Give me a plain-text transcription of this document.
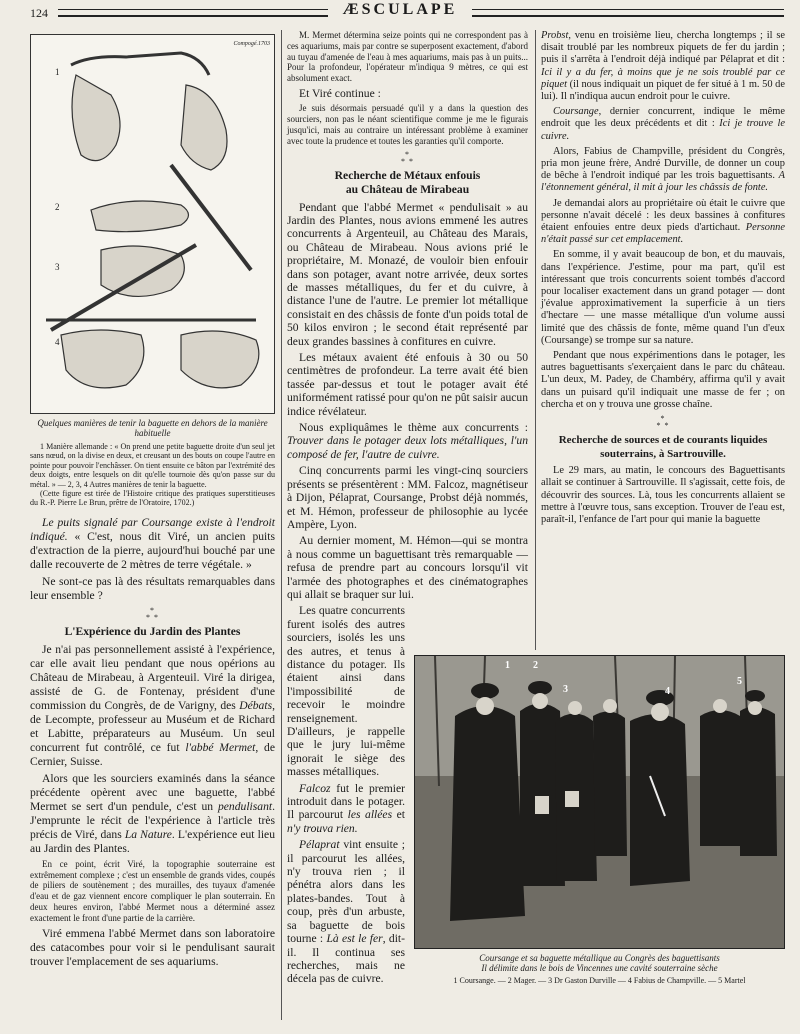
124	ÆSCULAPE
1
2
3
4
Compogé.1703
Quelques manières de tenir la baguette en dehors de la manière habituelle

1 Manière allemande : « On prend une petite baguette droite d'un seul jet sans nœud, on la divise en deux, et creusant un des bouts on coupe l'autre en pointe pour pouvoir l'enchâsser. On tient ensuite ce bâton par l'extrémité des deux doigts, entre lesquels on dit qu'elle tournoie dès qu'on passe sur du métal. » — 2, 3, 4 Autres manières de tenir la baguette.

(Cette figure est tirée de l'Histoire critique des pratiques superstitieuses du R.-P. Pierre Le Brun, prêtre de l'Oratoire, 1702.)

Le puits signalé par Coursange existe à l'endroit indiqué. « C'est, nous dit Viré, un ancien puits d'extraction de la pierre, aujourd'hui bouché par une dalle recouverte de 2 mètres de terre végétale. »

Ne sont-ce pas là des résultats remarquables dans leur ensemble ?

*
* *
L'Expérience du Jardin des Plantes

Je n'ai pas personnellement assisté à l'expérience, car elle avait lieu pendant que nous opérions au Château de Mirabeau, à Argenteuil. Viré la dirigea, assisté de G. de Fontenay, président d'une commission du Congrès, de de Varigny, des Débats, de Lecompte, professeur au Muséum et de Richard et Labitte, préparateurs au Muséum. Un seul concurrent fut contrôlé, ce fut l'abbé Mermet, de Cernier, Suisse.

Alors que les sourciers examinés dans la séance précédente opèrent avec une baguette, l'abbé Mermet se sert d'un pendule, c'est un pendulisant. J'emprunte le récit de l'expérience à l'article très précis de Viré, dans La Nature. L'expérience eut lieu au Jardin des Plantes.

En ce point, écrit Viré, la topographie souterraine est extrêmement complexe ; c'est un ensemble de grands vides, coupés de piliers de soutènement ; des murailles, des tuyaux d'amenée d'eau et de gaz viennent encore compliquer le plan souterrain. En deux heures environ, l'abbé Mermet nous a déterminé assez exactement le front d'une partie de la carrière.

Viré emmena l'abbé Mermet dans son laboratoire des catacombes pour voir si le pendulisant saurait trouver l'emplacement de ses aquariums.

M. Mermet détermina seize points qui ne correspondent pas à ces aquariums, mais par contre se superposent exactement, d'abord au tuyau d'amenée de l'eau à mes aquariums, mais pas à un puits... Pour la profondeur, l'opérateur m'indiqua 9 mètres, ce qui est absolument exact.

Et Viré continue :

Je suis désormais persuadé qu'il y a dans la question des sourciers, non pas le néant scientifique comme je me le figurais jusqu'ici, mais au contraire un intéressant problème à examiner avec toute la prudence et toutes les garanties qu'il comporte.

*
* *
Recherche de Métaux enfouis
au Château de Mirabeau

Pendant que l'abbé Mermet « pendulisait » au Jardin des Plantes, nous avions emmené les autres concurrents à Argenteuil, au Château des Marais, ou Château de Mirabeau. Nous avions prié le propriétaire, M. Monazé, de vouloir bien enfouir dans son potager, avant notre arrivée, deux sortes de masses métalliques, du fer et du cuivre, à distance l'une de l'autre. Le premier lot métallique consistait en des châssis de fonte d'un poids total de 50 kilos environ ; le second était représenté par deux grandes bassines à confitures en cuivre.

Les métaux avaient été enfouis à 30 ou 50 centimètres de profondeur. La terre avait été bien tassée par-dessus et tout le potager avait été uniformément ratissé pour qu'on ne pût saisir aucun indice révélateur.

Nous expliquâmes le thème aux concurrents : Trouver dans le potager deux lots métalliques, l'un composé de fer, l'autre de cuivre.

Cinq concurrents parmi les vingt-cinq sourciers présents se présentèrent : MM. Falcoz, magnétiseur à Dijon, Pélaprat, Coursange, Probst déjà nommés, et M. Hémon, professeur de philosophie au lycée Ampère, Lyon.

Au dernier moment, M. Hémon—qui se montra à nous comme un baguettisant très remarquable — refusa de prendre part au concours lorsqu'il vit l'armée des photographes et des cinématographes qui allait se braquer sur lui.

Les quatre concurrents furent isolés des autres sourciers, isolés les uns des autres, et tenus à distance du potager. Ils étaient ainsi dans l'impossibilité de recevoir le moindre renseignement. D'ailleurs, je rappelle que le jury lui-même ignorait le siège des masses métalliques.

Falcoz fut le premier introduit dans le potager. Il parcourut les allées et n'y trouva rien.

Pélaprat vint ensuite ; il parcourut les allées, n'y trouva rien ; il pénétra alors dans les plates-bandes. Tout à coup, près d'un arbuste, sa baguette de bois tourne : Là est le fer, dit-il. Il continua ses recherches, mais ne décela pas de cuivre.

Probst, venu en troisième lieu, chercha longtemps ; il se disait troublé par les nombreux piquets de fer du jardin ; puis il s'arrêta à l'endroit déjà indiqué par Pélaprat et dit : Ici il y a du fer, à moins que je ne sois troublé par ce piquet (il nous indiquait un piquet de fer situé à 1 m. 50 de lui). Il n'indiqua aucun endroit pour le cuivre.

Coursange, dernier concurrent, indique le même endroit que les deux précédents et dit : Ici je trouve le cuivre.

Alors, Fabius de Champville, président du Congrès, pria mon jeune frère, André Durville, de donner un coup de bêche à l'endroit indiqué par les trois baguettisants. A l'étonnement général, il mit à jour les châssis de fonte.

Je demandai alors au propriétaire où était le cuivre que personne n'avait décelé : les deux bassines à confitures étaient enfouies entre deux pieds d'artichaut. Personne n'était passé sur cet emplacement.

En somme, il y avait beaucoup de bon, et du mauvais, dans l'expérience. J'estime, pour ma part, qu'il est intéressant que trois concurrents soient tombés d'accord pour localiser exactement dans un grand potager — dont j'évalue approximativement la superficie à un tiers d'hectare — une masse métallique d'un volume aussi limité que des châssis de fonte, même quand l'un d'eux (Coursange) se trompe sur sa nature.

Pendant que nous expérimentions dans le potager, les autres baguettisants s'exerçaient dans le parc du château. L'un deux, M. Padey, de Chambéry, affirma qu'il y avait dans un puisard qu'il indiquait une masse de fer ; on chercha et on y trouva une grosse chaîne.

*
* *
Recherche de sources et de courants liquides
souterrains, à Sartrouville.

Le 29 mars, au matin, le concours des Baguettisants allait se continuer à Sartrouville. Il s'agissait, cette fois, de découvrir des sources. Là, tous les concurrents allaient se mettre à l'œuvre tous, sans exception. Trouver de l'eau est, paraît-il, l'enfance de l'art pour qui manie la baguette

1 2
3	4
5
Coursange et sa baguette métallique au Congrès des baguettisants
Il délimite dans le bois de Vincennes une cavité souterraine sèche
1 Coursange. — 2 Mager. — 3 Dr Gaston Durville — 4 Fabius de Champville. — 5 Martel
